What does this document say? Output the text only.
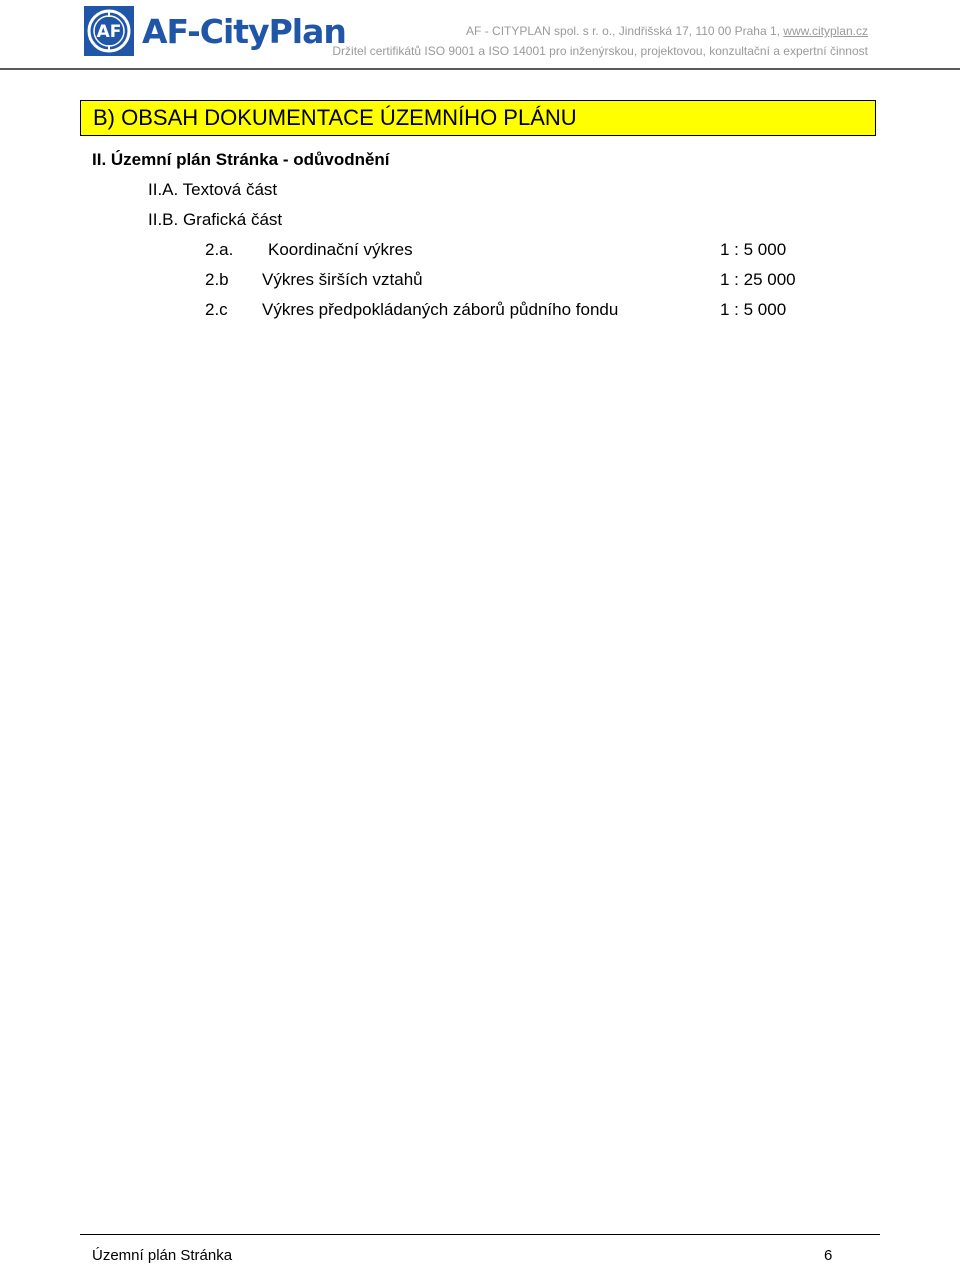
AF AF-CityPlan	AF - CITYPLAN spol. s r. o., Jindřišská 17, 110 00 Praha 1, www.cityplan.cz
Držitel certifikátů ISO 9001 a ISO 14001 pro inženýrskou, projektovou, konzultační a expertní činnost
B) OBSAH DOKUMENTACE ÚZEMNÍHO PLÁNU
II. Územní plán Stránka - odůvodnění
II.A. Textová část
II.B. Grafická část
2.a. Koordinační výkres	1 : 5 000
2.b Výkres širších vztahů	1 : 25 000
2.c Výkres předpokládaných záborů půdního fondu	1 : 5 000
Územní plán Stránka	6
